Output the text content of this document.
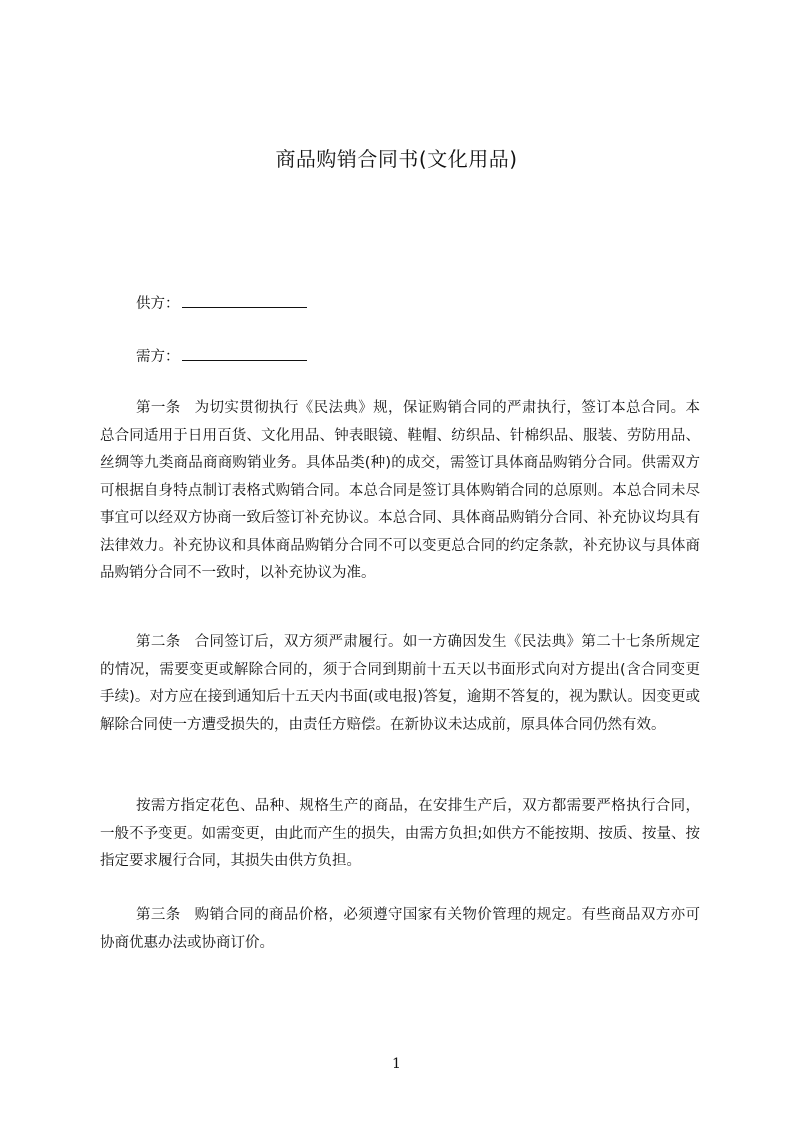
商品购销合同书(文化用品)
供方：
需方：

第一条 为切实贯彻执行《民法典》规，保证购销合同的严肃执行，签订本总合同。本总合同适用于日用百货、文化用品、钟表眼镜、鞋帽、纺织品、针棉织品、服装、劳防用品、丝绸等九类商品商商购销业务。具体品类(种)的成交，需签订具体商品购销分合同。供需双方可根据自身特点制订表格式购销合同。本总合同是签订具体购销合同的总原则。本总合同未尽事宜可以经双方协商一致后签订补充协议。本总合同、具体商品购销分合同、补充协议均具有法律效力。补充协议和具体商品购销分合同不可以变更总合同的约定条款，补充协议与具体商品购销分合同不一致时，以补充协议为准。

第二条 合同签订后，双方须严肃履行。如一方确因发生《民法典》第二十七条所规定的情况，需要变更或解除合同的，须于合同到期前十五天以书面形式向对方提出(含合同变更手续)。对方应在接到通知后十五天内书面(或电报)答复，逾期不答复的，视为默认。因变更或解除合同使一方遭受损失的，由责任方赔偿。在新协议未达成前，原具体合同仍然有效。

按需方指定花色、品种、规格生产的商品，在安排生产后，双方都需要严格执行合同，一般不予变更。如需变更，由此而产生的损失，由需方负担;如供方不能按期、按质、按量、按指定要求履行合同，其损失由供方负担。

第三条 购销合同的商品价格，必须遵守国家有关物价管理的规定。有些商品双方亦可协商优惠办法或协商订价。

1
